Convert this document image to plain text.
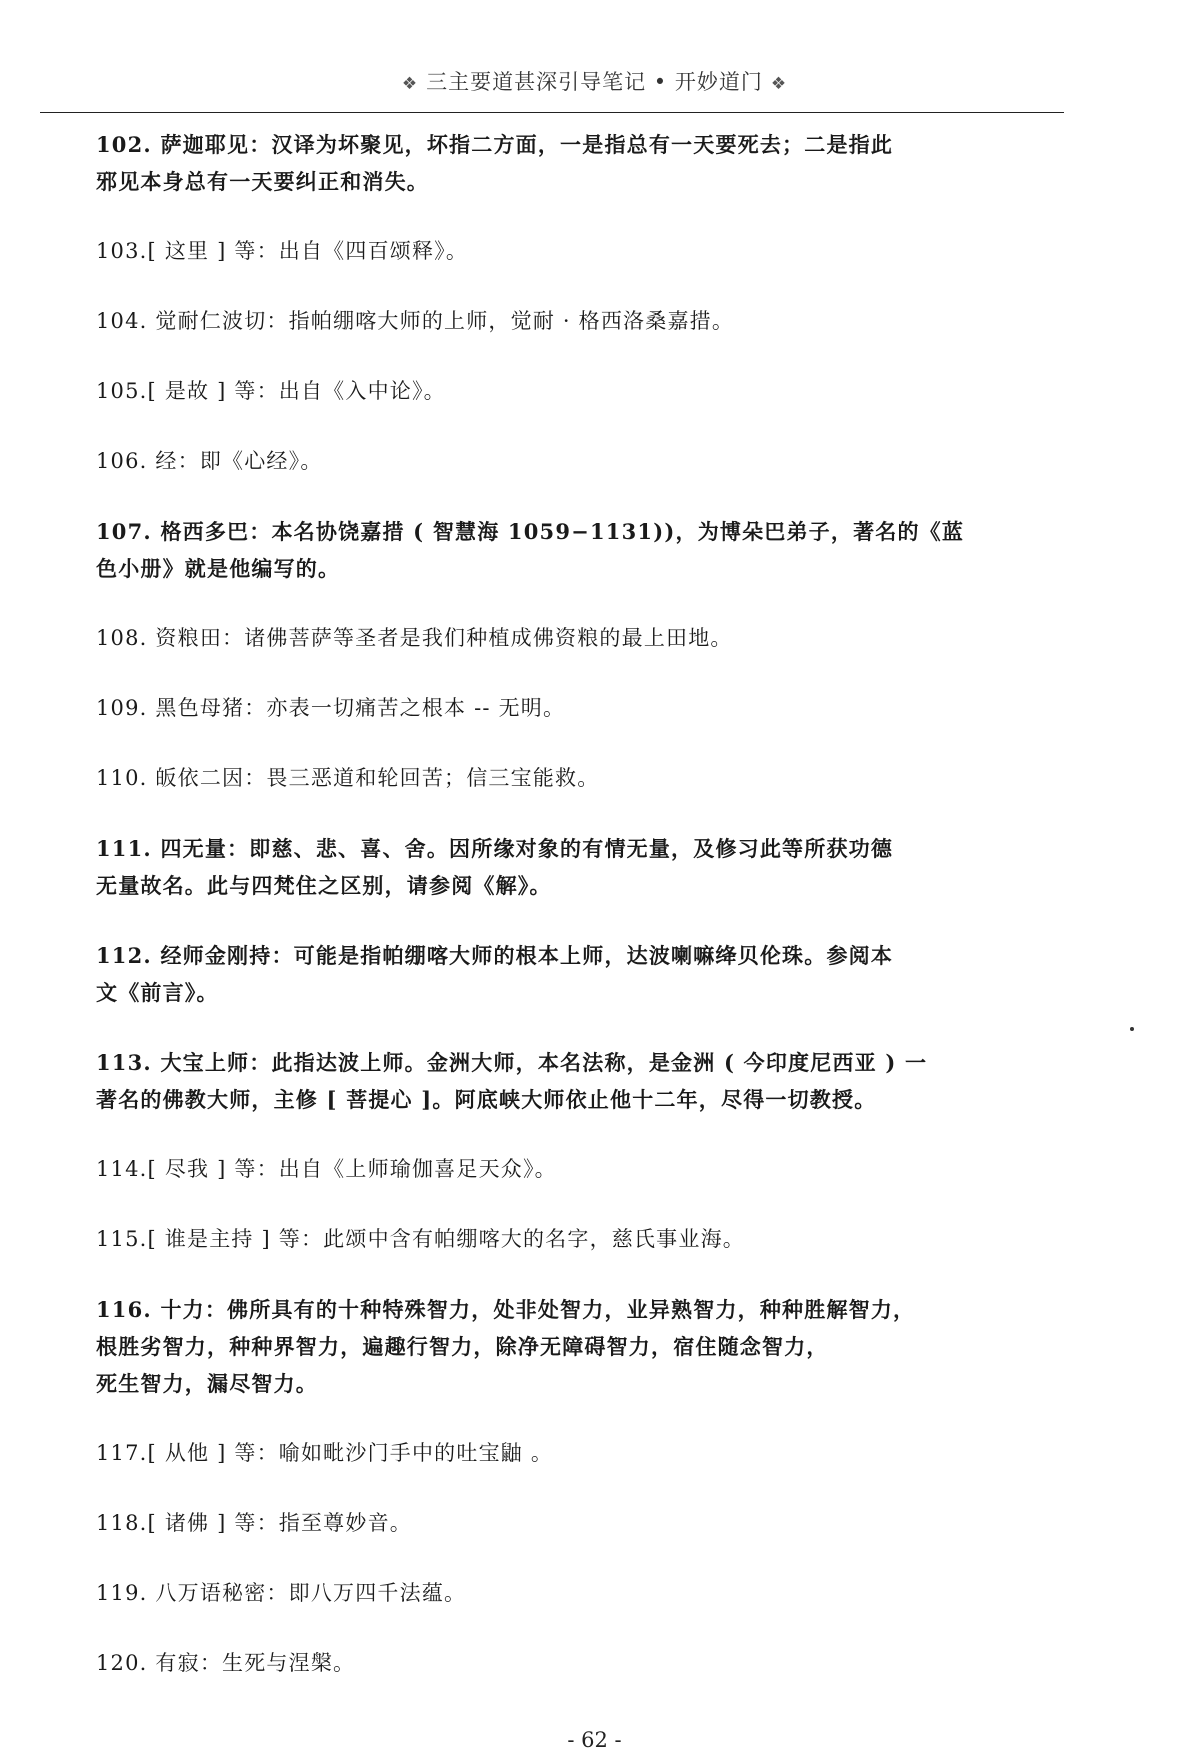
❖ 三主要道甚深引导笔记 • 开妙道门 ❖

102. 萨迦耶见：汉译为坏聚见，坏指二方面，一是指总有一天要死去；二是指此
邪见本身总有一天要纠正和消失。

103.[ 这里 ] 等：出自《四百颂释》。

104. 觉耐仁波切：指帕绷喀大师的上师，觉耐 · 格西洛桑嘉措。

105.[ 是故 ] 等：出自《入中论》。

106. 经：即《心经》。

107. 格西多巴：本名协饶嘉措 ( 智慧海 1059−1131))，为博朵巴弟子，著名的《蓝
色小册》就是他编写的。

108. 资粮田：诸佛菩萨等圣者是我们种植成佛资粮的最上田地。

109. 黑色母猪：亦表一切痛苦之根本 -- 无明。

110. 皈依二因：畏三恶道和轮回苦；信三宝能救。

111. 四无量：即慈、悲、喜、舍。因所缘对象的有情无量，及修习此等所获功德
无量故名。此与四梵住之区别，请参阅《解》。

112. 经师金刚持：可能是指帕绷喀大师的根本上师，达波喇嘛绛贝伦珠。参阅本
文《前言》。

113. 大宝上师：此指达波上师。金洲大师，本名法称，是金洲 ( 今印度尼西亚 ) 一
著名的佛教大师，主修 [ 菩提心 ]。阿底峡大师依止他十二年，尽得一切教授。

114.[ 尽我 ] 等：出自《上师瑜伽喜足天众》。

115.[ 谁是主持 ] 等：此颂中含有帕绷喀大的名字，慈氏事业海。

116. 十力：佛所具有的十种特殊智力，处非处智力，业异熟智力，种种胜解智力，
根胜劣智力，种种界智力，遍趣行智力，除净无障碍智力，宿住随念智力，
死生智力，漏尽智力。

117.[ 从他 ] 等：喻如毗沙门手中的吐宝鼬 。

118.[ 诸佛 ] 等：指至尊妙音。

119. 八万语秘密：即八万四千法蕴。

120. 有寂：生死与涅槃。

- 62 -
